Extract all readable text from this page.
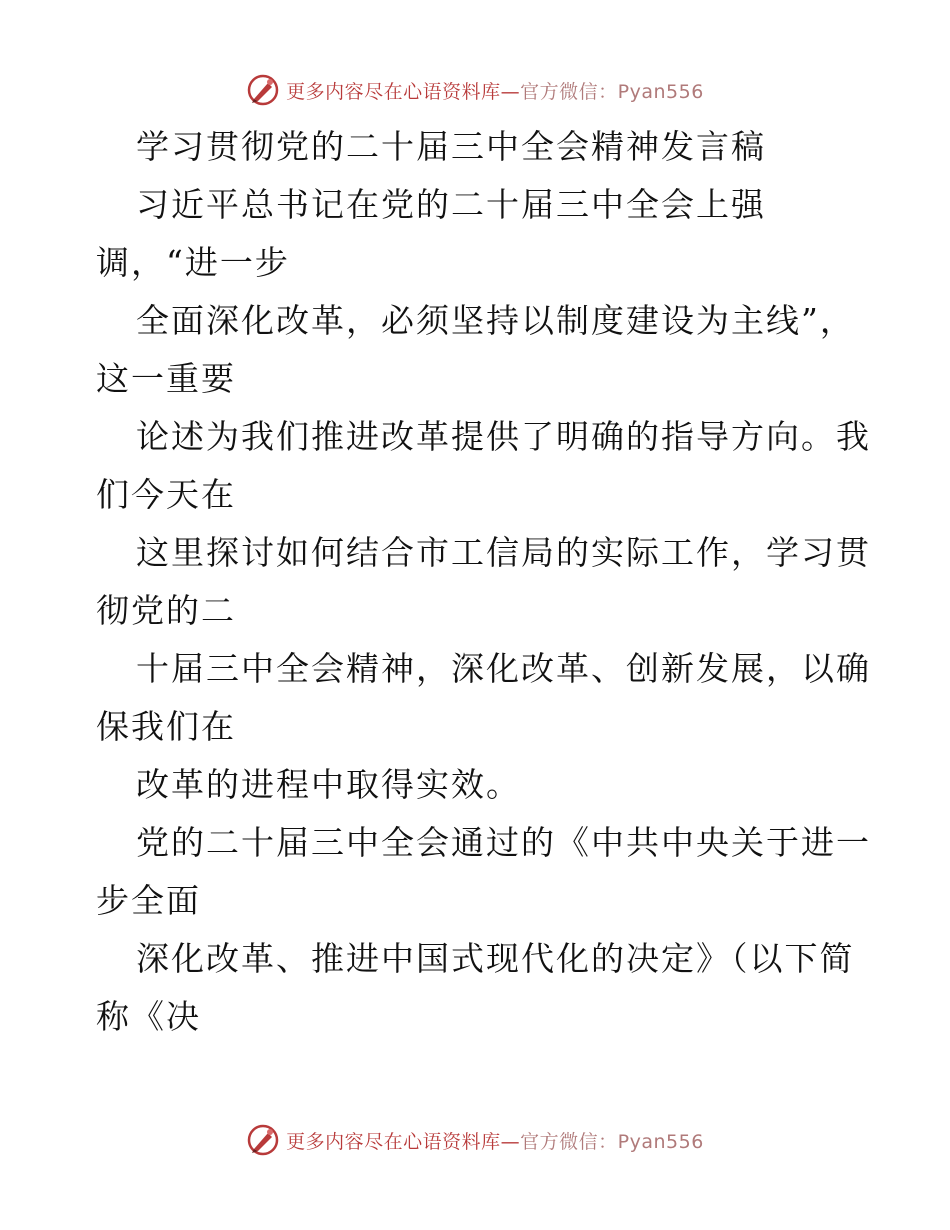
更多内容尽在心语资料库—官方微信：Pyan556
学习贯彻党的二十届三中全会精神发言稿
习近平总书记在党的二十届三中全会上强
调，“进一步
全面深化改革，必须坚持以制度建设为主线”，
这一重要
论述为我们推进改革提供了明确的指导方向。我
们今天在
这里探讨如何结合市工信局的实际工作，学习贯
彻党的二
十届三中全会精神，深化改革、创新发展，以确
保我们在
改革的进程中取得实效。
党的二十届三中全会通过的《中共中央关于进一
步全面
深化改革、推进中国式现代化的决定》（以下简
称《决
更多内容尽在心语资料库—官方微信：Pyan556
